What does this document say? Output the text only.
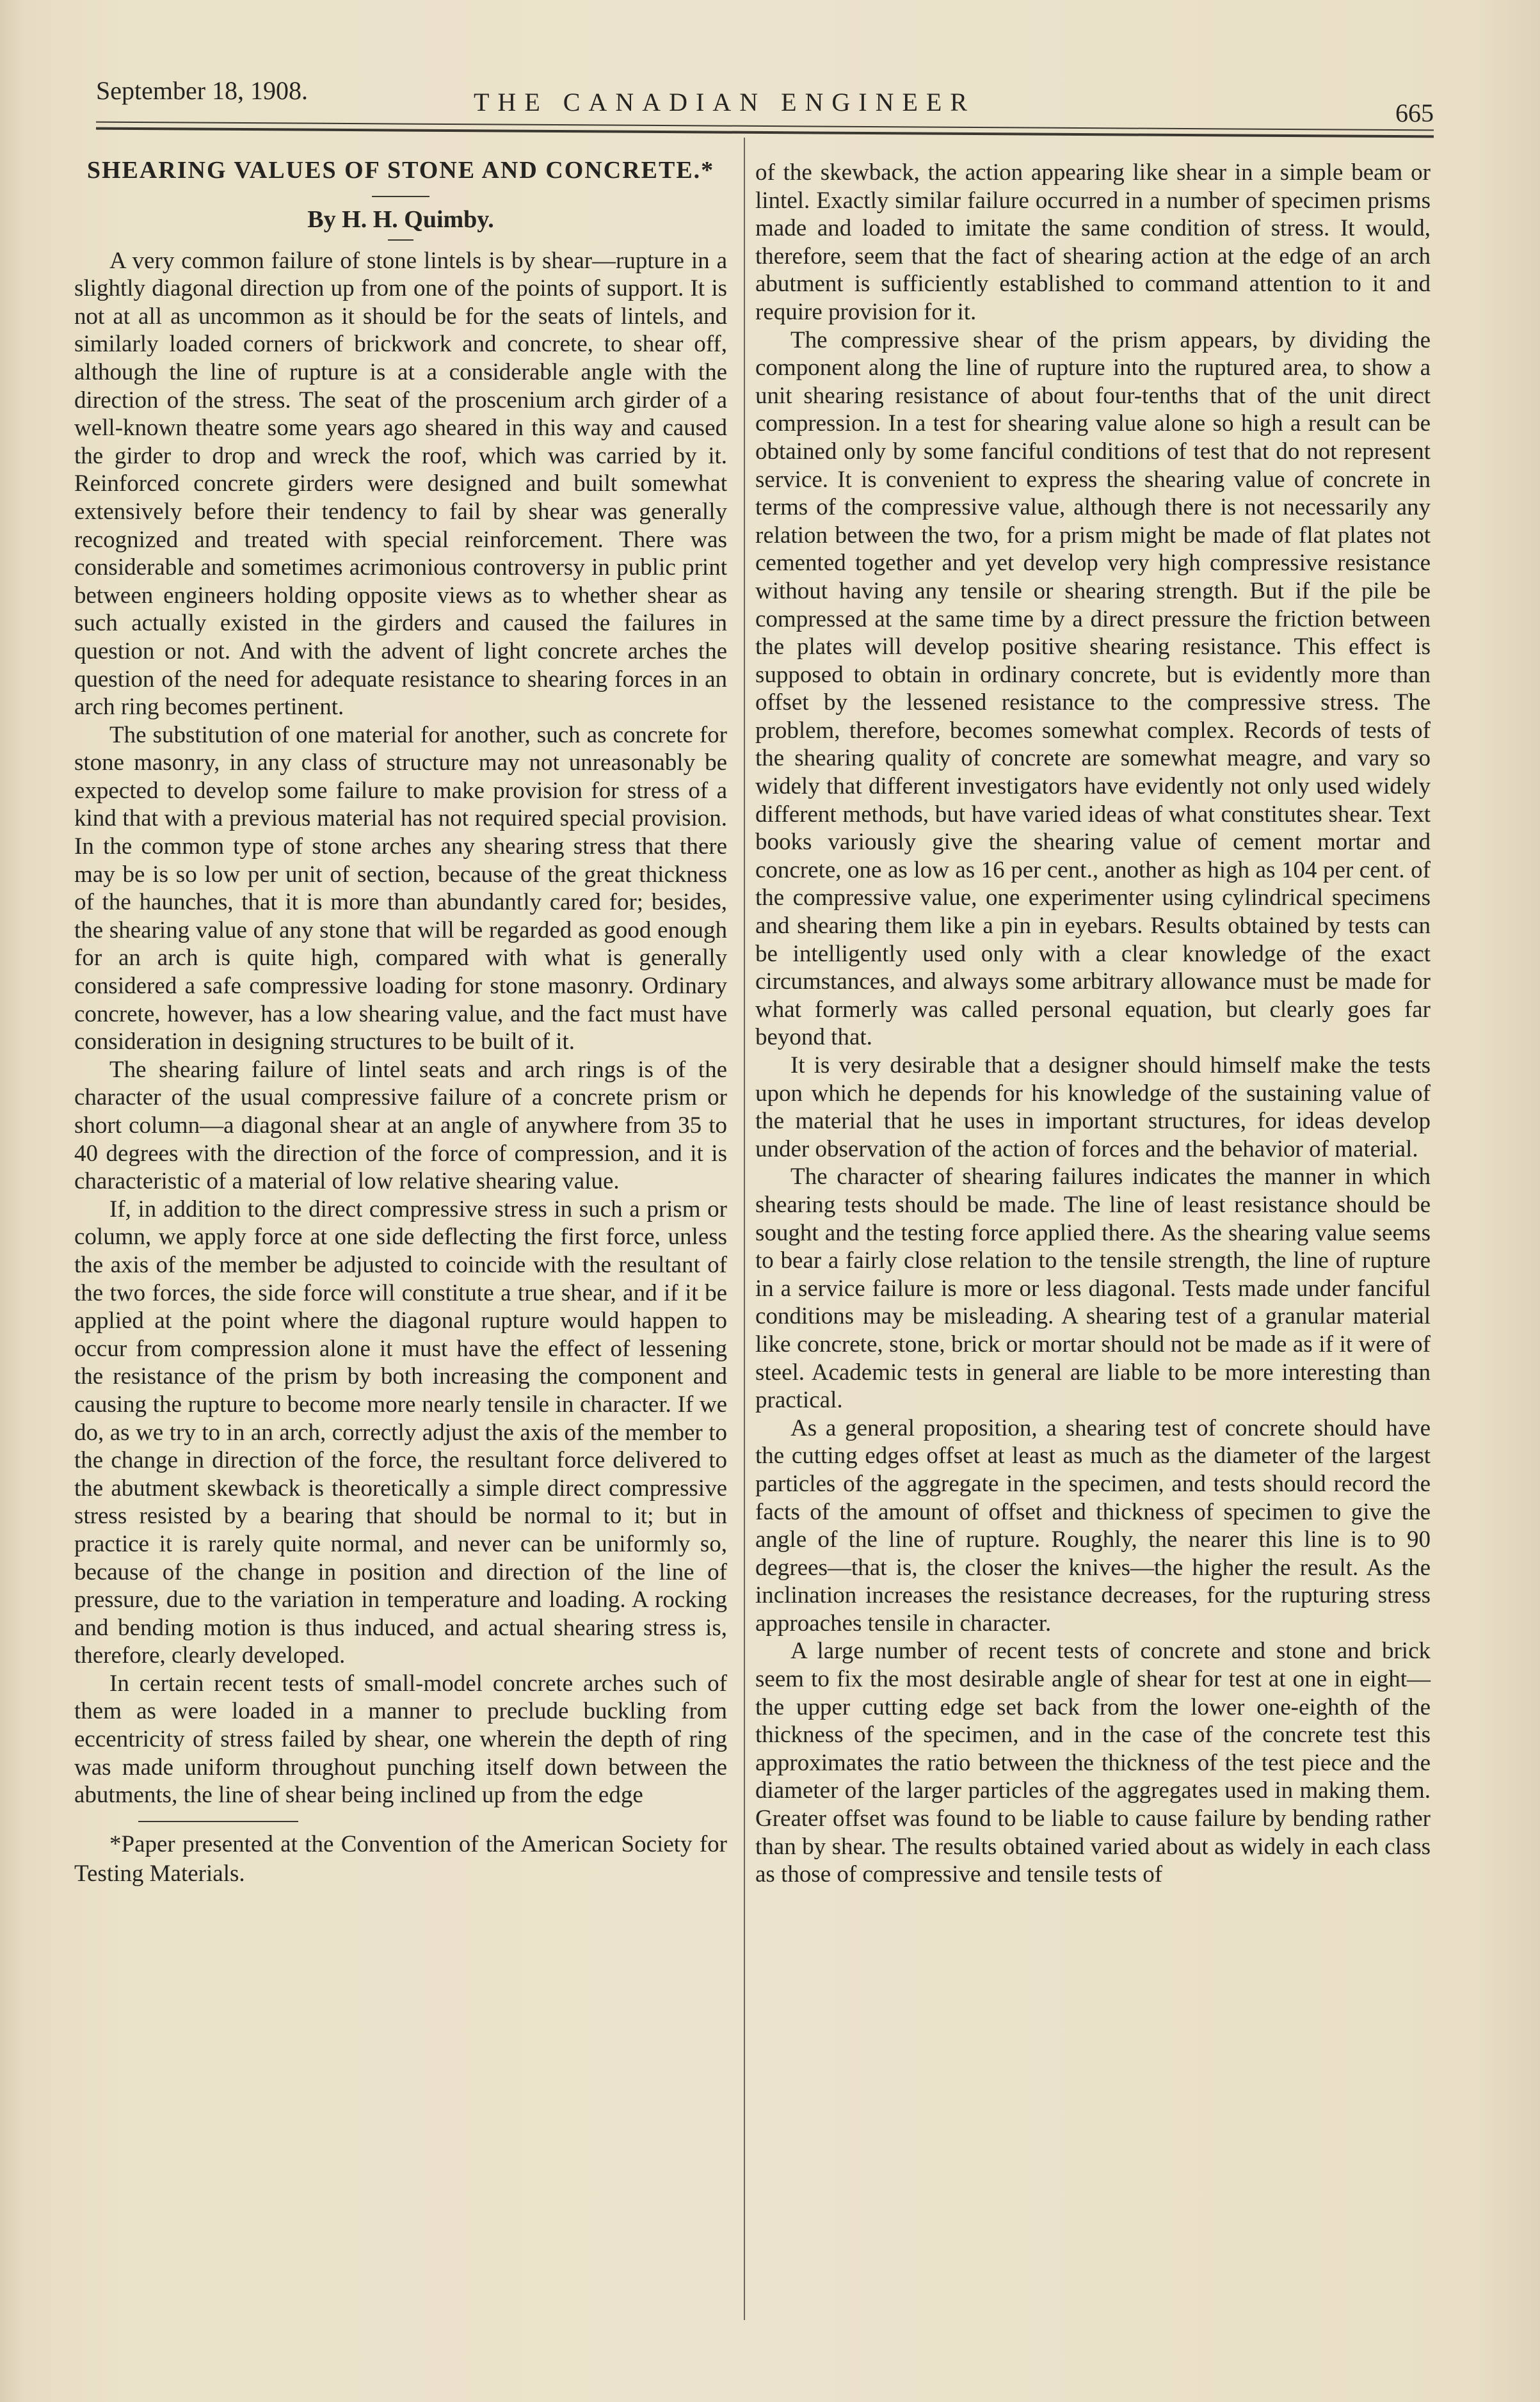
September 18, 1908.	THE CANADIAN ENGINEER	665
SHEARING VALUES OF STONE AND CONCRETE.*
By H. H. Quimby.

A very common failure of stone lintels is by shear—rupture in a slightly diagonal direction up from one of the points of support. It is not at all as uncommon as it should be for the seats of lintels, and similarly loaded corners of brickwork and concrete, to shear off, although the line of rupture is at a considerable angle with the direction of the stress. The seat of the proscenium arch girder of a well-known theatre some years ago sheared in this way and caused the girder to drop and wreck the roof, which was carried by it. Reinforced concrete girders were designed and built somewhat extensively before their tendency to fail by shear was generally recognized and treated with special reinforcement. There was considerable and sometimes acrimonious controversy in public print between engineers holding opposite views as to whether shear as such actually existed in the girders and caused the failures in question or not. And with the advent of light concrete arches the question of the need for adequate resistance to shearing forces in an arch ring becomes pertinent.

The substitution of one material for another, such as concrete for stone masonry, in any class of structure may not unreasonably be expected to develop some failure to make provision for stress of a kind that with a previous material has not required special provision. In the common type of stone arches any shearing stress that there may be is so low per unit of section, because of the great thickness of the haunches, that it is more than abundantly cared for; besides, the shearing value of any stone that will be regarded as good enough for an arch is quite high, compared with what is generally considered a safe compressive loading for stone masonry. Ordinary concrete, however, has a low shearing value, and the fact must have consideration in designing structures to be built of it.

The shearing failure of lintel seats and arch rings is of the character of the usual compressive failure of a concrete prism or short column—a diagonal shear at an angle of anywhere from 35 to 40 degrees with the direction of the force of compression, and it is characteristic of a material of low relative shearing value.

If, in addition to the direct compressive stress in such a prism or column, we apply force at one side deflecting the first force, unless the axis of the member be adjusted to coincide with the resultant of the two forces, the side force will constitute a true shear, and if it be applied at the point where the diagonal rupture would happen to occur from compression alone it must have the effect of lessening the resistance of the prism by both increasing the component and causing the rupture to become more nearly tensile in character. If we do, as we try to in an arch, correctly adjust the axis of the member to the change in direction of the force, the resultant force delivered to the abutment skewback is theoretically a simple direct compressive stress resisted by a bearing that should be normal to it; but in practice it is rarely quite normal, and never can be uniformly so, because of the change in position and direction of the line of pressure, due to the variation in temperature and loading. A rocking and bending motion is thus induced, and actual shearing stress is, therefore, clearly developed.

In certain recent tests of small-model concrete arches such of them as were loaded in a manner to preclude buckling from eccentricity of stress failed by shear, one wherein the depth of ring was made uniform throughout punching itself down between the abutments, the line of shear being inclined up from the edge

*Paper presented at the Convention of the American Society for Testing Materials.

of the skewback, the action appearing like shear in a simple beam or lintel. Exactly similar failure occurred in a number of specimen prisms made and loaded to imitate the same condition of stress. It would, therefore, seem that the fact of shearing action at the edge of an arch abutment is sufficiently established to command attention to it and require provision for it.

The compressive shear of the prism appears, by dividing the component along the line of rupture into the ruptured area, to show a unit shearing resistance of about four-tenths that of the unit direct compression. In a test for shearing value alone so high a result can be obtained only by some fanciful conditions of test that do not represent service. It is convenient to express the shearing value of concrete in terms of the compressive value, although there is not necessarily any relation between the two, for a prism might be made of flat plates not cemented together and yet develop very high compressive resistance without having any tensile or shearing strength. But if the pile be compressed at the same time by a direct pressure the friction between the plates will develop positive shearing resistance. This effect is supposed to obtain in ordinary concrete, but is evidently more than offset by the lessened resistance to the compressive stress. The problem, therefore, becomes somewhat complex. Records of tests of the shearing quality of concrete are somewhat meagre, and vary so widely that different investigators have evidently not only used widely different methods, but have varied ideas of what constitutes shear. Text books variously give the shearing value of cement mortar and concrete, one as low as 16 per cent., another as high as 104 per cent. of the compressive value, one experimenter using cylindrical specimens and shearing them like a pin in eyebars. Results obtained by tests can be intelligently used only with a clear knowledge of the exact circumstances, and always some arbitrary allowance must be made for what formerly was called personal equation, but clearly goes far beyond that.

It is very desirable that a designer should himself make the tests upon which he depends for his knowledge of the sustaining value of the material that he uses in important structures, for ideas develop under observation of the action of forces and the behavior of material.

The character of shearing failures indicates the manner in which shearing tests should be made. The line of least resistance should be sought and the testing force applied there. As the shearing value seems to bear a fairly close relation to the tensile strength, the line of rupture in a service failure is more or less diagonal. Tests made under fanciful conditions may be misleading. A shearing test of a granular material like concrete, stone, brick or mortar should not be made as if it were of steel. Academic tests in general are liable to be more interesting than practical.

As a general proposition, a shearing test of concrete should have the cutting edges offset at least as much as the diameter of the largest particles of the aggregate in the specimen, and tests should record the facts of the amount of offset and thickness of specimen to give the angle of the line of rupture. Roughly, the nearer this line is to 90 degrees—that is, the closer the knives—the higher the result. As the inclination increases the resistance decreases, for the rupturing stress approaches tensile in character.

A large number of recent tests of concrete and stone and brick seem to fix the most desirable angle of shear for test at one in eight—the upper cutting edge set back from the lower one-eighth of the thickness of the specimen, and in the case of the concrete test this approximates the ratio between the thickness of the test piece and the diameter of the larger particles of the aggregates used in making them. Greater offset was found to be liable to cause failure by bending rather than by shear. The results obtained varied about as widely in each class as those of compressive and tensile tests of
